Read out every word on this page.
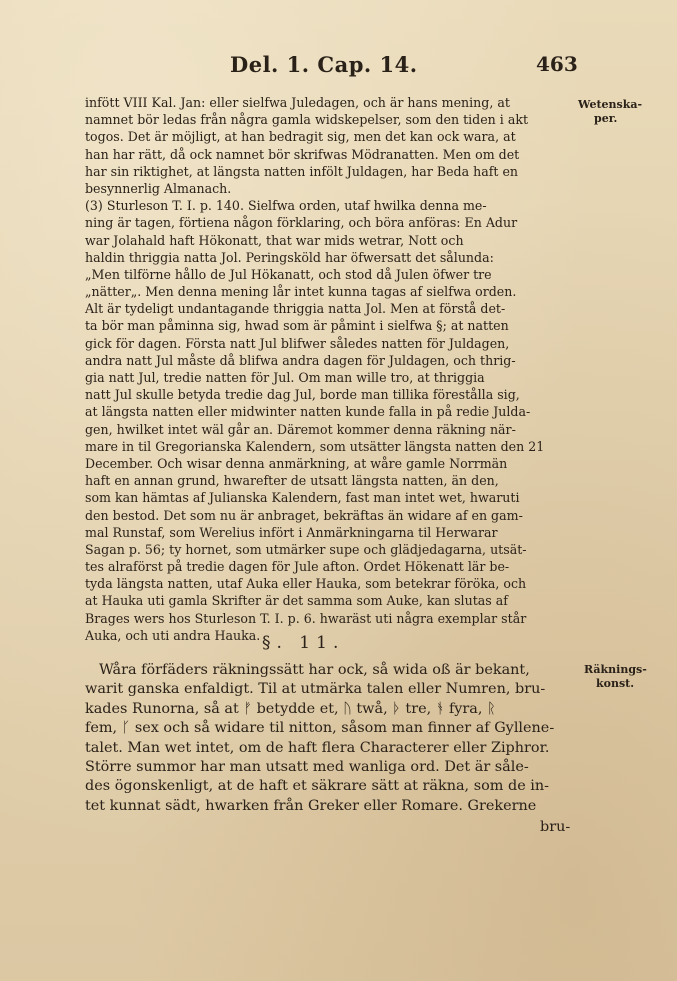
Del. 1. Cap. 14.	463
Wetenska-
per.
infött VIII Kal. Jan: eller sielfwa Juledagen, och är hans mening, at
namnet bör ledas från några gamla widskepelser, som den tiden i akt
togos. Det är möjligt, at han bedragit sig, men det kan ock wara, at
han har rätt, då ock namnet bör skrifwas Mödranatten. Men om det
har sin riktighet, at längsta natten infölt Juldagen, har Beda haft en
besynnerlig Almanach.
(3) Sturleson T. I. p. 140. Sielfwa orden, utaf hwilka denna me-
ning är tagen, förtiena någon förklaring, och böra anföras: En Adur
war Jolahald haft Hökonatt, that war mids wetrar, Nott och
haldin thriggia natta Jol. Peringsköld har öfwersatt det sålunda:
„Men tilförne hållo de Jul Hökanatt, och stod då Julen öfwer tre
„nätter„. Men denna mening lår intet kunna tagas af sielfwa orden.
Alt är tydeligt undantagande thriggia natta Jol. Men at förstå det-
ta bör man påminna sig, hwad som är påmint i sielfwa §; at natten
gick för dagen. Första natt Jul blifwer således natten för Juldagen,
andra natt Jul måste då blifwa andra dagen för Juldagen, och thrig-
gia natt Jul, tredie natten för Jul. Om man wille tro, at thriggia
natt Jul skulle betyda tredie dag Jul, borde man tillika förestålla sig,
at längsta natten eller midwinter natten kunde falla in på redie Julda-
gen, hwilket intet wäl går an. Däremot kommer denna räkning när-
mare in til Gregorianska Kalendern, som utsätter längsta natten den 21
December. Och wisar denna anmärkning, at wåre gamle Norrmän
haft en annan grund, hwarefter de utsatt längsta natten, än den,
som kan hämtas af Julianska Kalendern, fast man intet wet, hwaruti
den bestod. Det som nu är anbraget, bekräftas än widare af en gam-
mal Runstaf, som Werelius infört i Anmärkningarna til Herwarar
Sagan p. 56; ty hornet, som utmärker supe och glädjedagarna, utsät-
tes alraförst på tredie dagen för Jule afton. Ordet Hökenatt lär be-
tyda längsta natten, utaf Auka eller Hauka, som betekrar förökа, och
at Hauka uti gamla Skrifter är det samma som Auke, kan slutas af
Brages wers hos Sturleson T. I. p. 6. hwaräst uti några exemplar står
Auka, och uti andra Hauka. §. 11.
Räknings-
konst.
Wåra förfäders räkningssätt har ock, så wida oß är bekant,
warit ganska enfaldigt. Til at utmärka talen eller Numren, bru-
kades Runorna, så at ᚠ betydde et, ᚢ twå, ᚦ tre, ᚬ fyra, ᚱ
fem, ᚴ sex och så widare til nitton, såsom man finner af Gyllene-
talet. Man wet intet, om de haft flera Characterer eller Ziphror.
Större summor har man utsatt med wanliga ord. Det är såle-
des ögonskenligt, at de haft et säkrare sätt at räkna, som de in-
tet kunnat sädt, hwarken från Greker eller Romare. Grekerne
bru-
